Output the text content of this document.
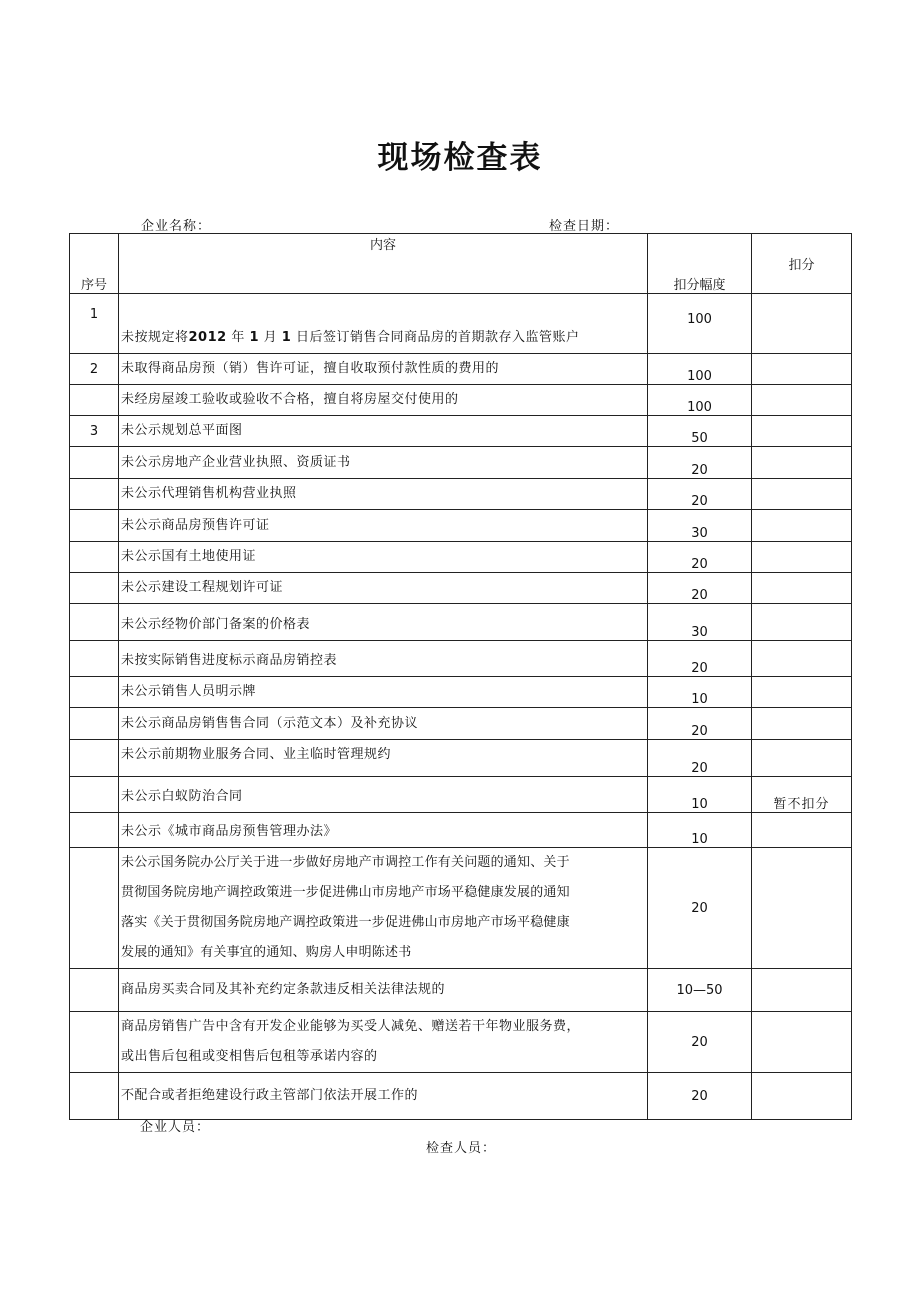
现场检查表
企业名称：	检查日期：
序号	内容	扣分幅度	扣分
1	未按规定将2012 年 1 月 1 日后签订销售合同商品房的首期款存入监管账户	100	
2	未取得商品房预（销）售许可证，擅自收取预付款性质的费用的	100	
	未经房屋竣工验收或验收不合格，擅自将房屋交付使用的	100	
3	未公示规划总平面图	50	
	未公示房地产企业营业执照、资质证书	20	
	未公示代理销售机构营业执照	20	
	未公示商品房预售许可证	30	
	未公示国有土地使用证	20	
	未公示建设工程规划许可证	20	
	未公示经物价部门备案的价格表	30	
	未按实际销售进度标示商品房销控表	20	
	未公示销售人员明示牌	10	
	未公示商品房销售售合同（示范文本）及补充协议	20	
	未公示前期物业服务合同、业主临时管理规约	20	
	未公示白蚁防治合同	10	暂不扣分
	未公示《城市商品房预售管理办法》	10	

	未公示国务院办公厅关于进一步做好房地产市调控工作有关问题的通知、关于
贯彻国务院房地产调控政策进一步促进佛山市房地产市场平稳健康发展的通知
落实《关于贯彻国务院房地产调控政策进一步促进佛山市房地产市场平稳健康
发展的通知》有关事宜的通知、购房人申明陈述书	20	
	商品房买卖合同及其补充约定条款违反相关法律法规的	10—50	

	商品房销售广告中含有开发企业能够为买受人减免、赠送若干年物业服务费，
或出售后包租或变相售后包租等承诺内容的	20	
	不配合或者拒绝建设行政主管部门依法开展工作的	20	
企业人员：
检查人员：
